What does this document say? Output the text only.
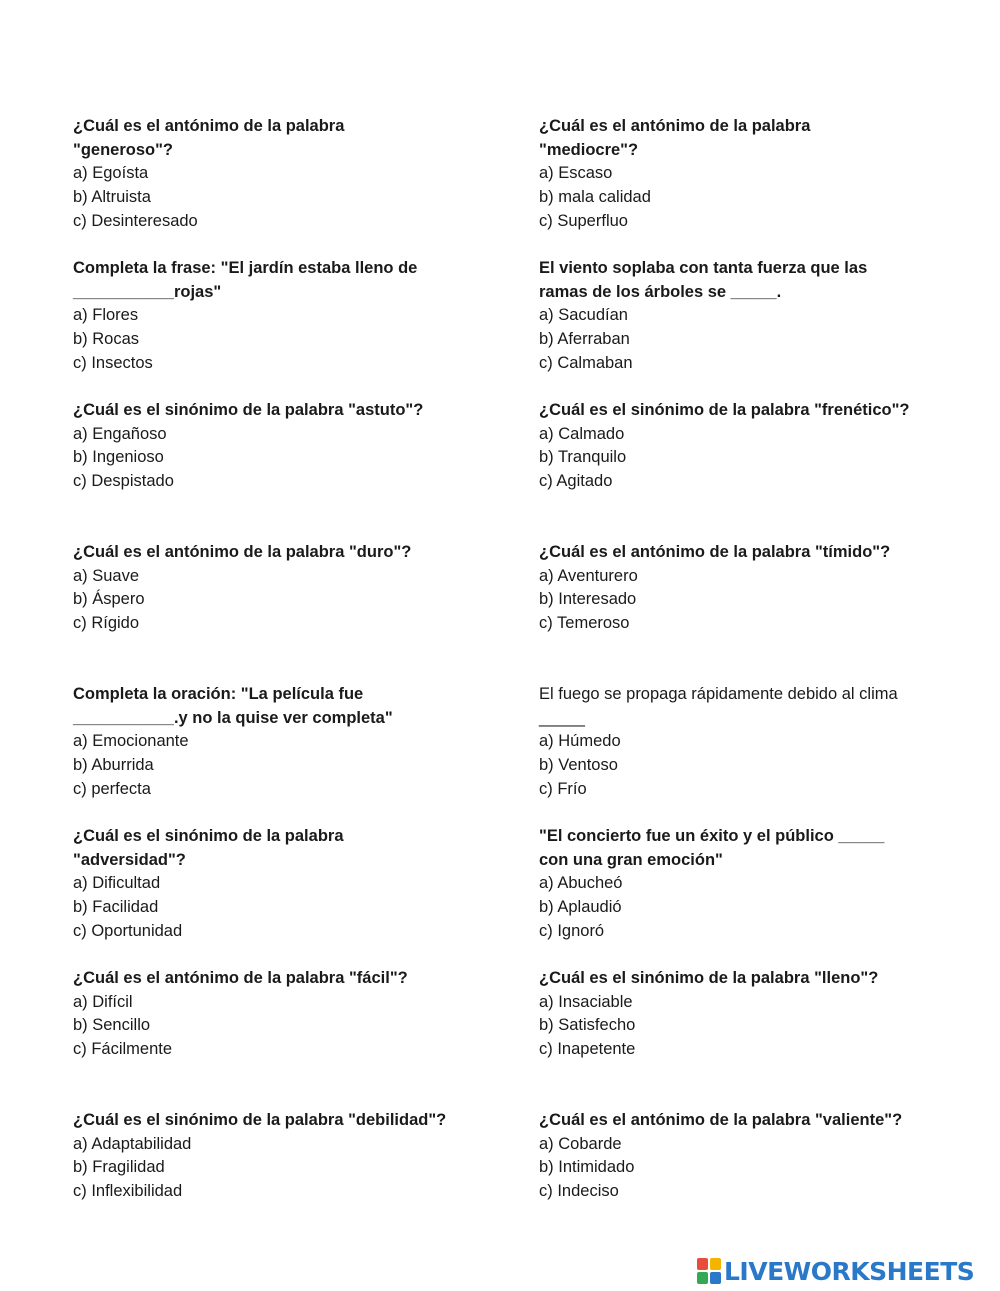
¿Cuál es el antónimo de la palabra
"generoso"?
a) Egoísta
b) Altruista
c) Desinteresado
Completa la frase: "El jardín estaba lleno de
___________rojas"
a) Flores
b) Rocas
c) Insectos
¿Cuál es el sinónimo de la palabra "astuto"?
a) Engañoso
b) Ingenioso
c) Despistado
¿Cuál es el antónimo de la palabra "duro"?
a) Suave
b) Áspero
c) Rígido
Completa la oración: "La película fue
___________.y no la quise ver completa"
a) Emocionante
b) Aburrida
c) perfecta
¿Cuál es el sinónimo de la palabra
"adversidad"?
a) Dificultad
b) Facilidad
c) Oportunidad
¿Cuál es el antónimo de la palabra "fácil"?
a) Difícil
b) Sencillo
c) Fácilmente
¿Cuál es el sinónimo de la palabra "debilidad"?
a) Adaptabilidad
b) Fragilidad
c) Inflexibilidad
¿Cuál es el antónimo de la palabra
"mediocre"?
a) Escaso
b) mala calidad
c) Superfluo
El viento soplaba con tanta fuerza que las
ramas de los árboles se _____.
a) Sacudían
b) Aferraban
c) Calmaban
¿Cuál es el sinónimo de la palabra "frenético"?
a) Calmado
b) Tranquilo
c) Agitado
¿Cuál es el antónimo de la palabra "tímido"?
a) Aventurero
b) Interesado
c) Temeroso
El fuego se propaga rápidamente debido al clima
_____
a) Húmedo
b) Ventoso
c) Frío
"El concierto fue un éxito y el público _____
con una gran emoción"
a) Abucheó
b) Aplaudió
c) Ignoró
¿Cuál es el sinónimo de la palabra "lleno"?
a) Insaciable
b) Satisfecho
c) Inapetente
¿Cuál es el antónimo de la palabra "valiente"?
a) Cobarde
b) Intimidado
c) Indeciso
LIVEWORKSHEETS
